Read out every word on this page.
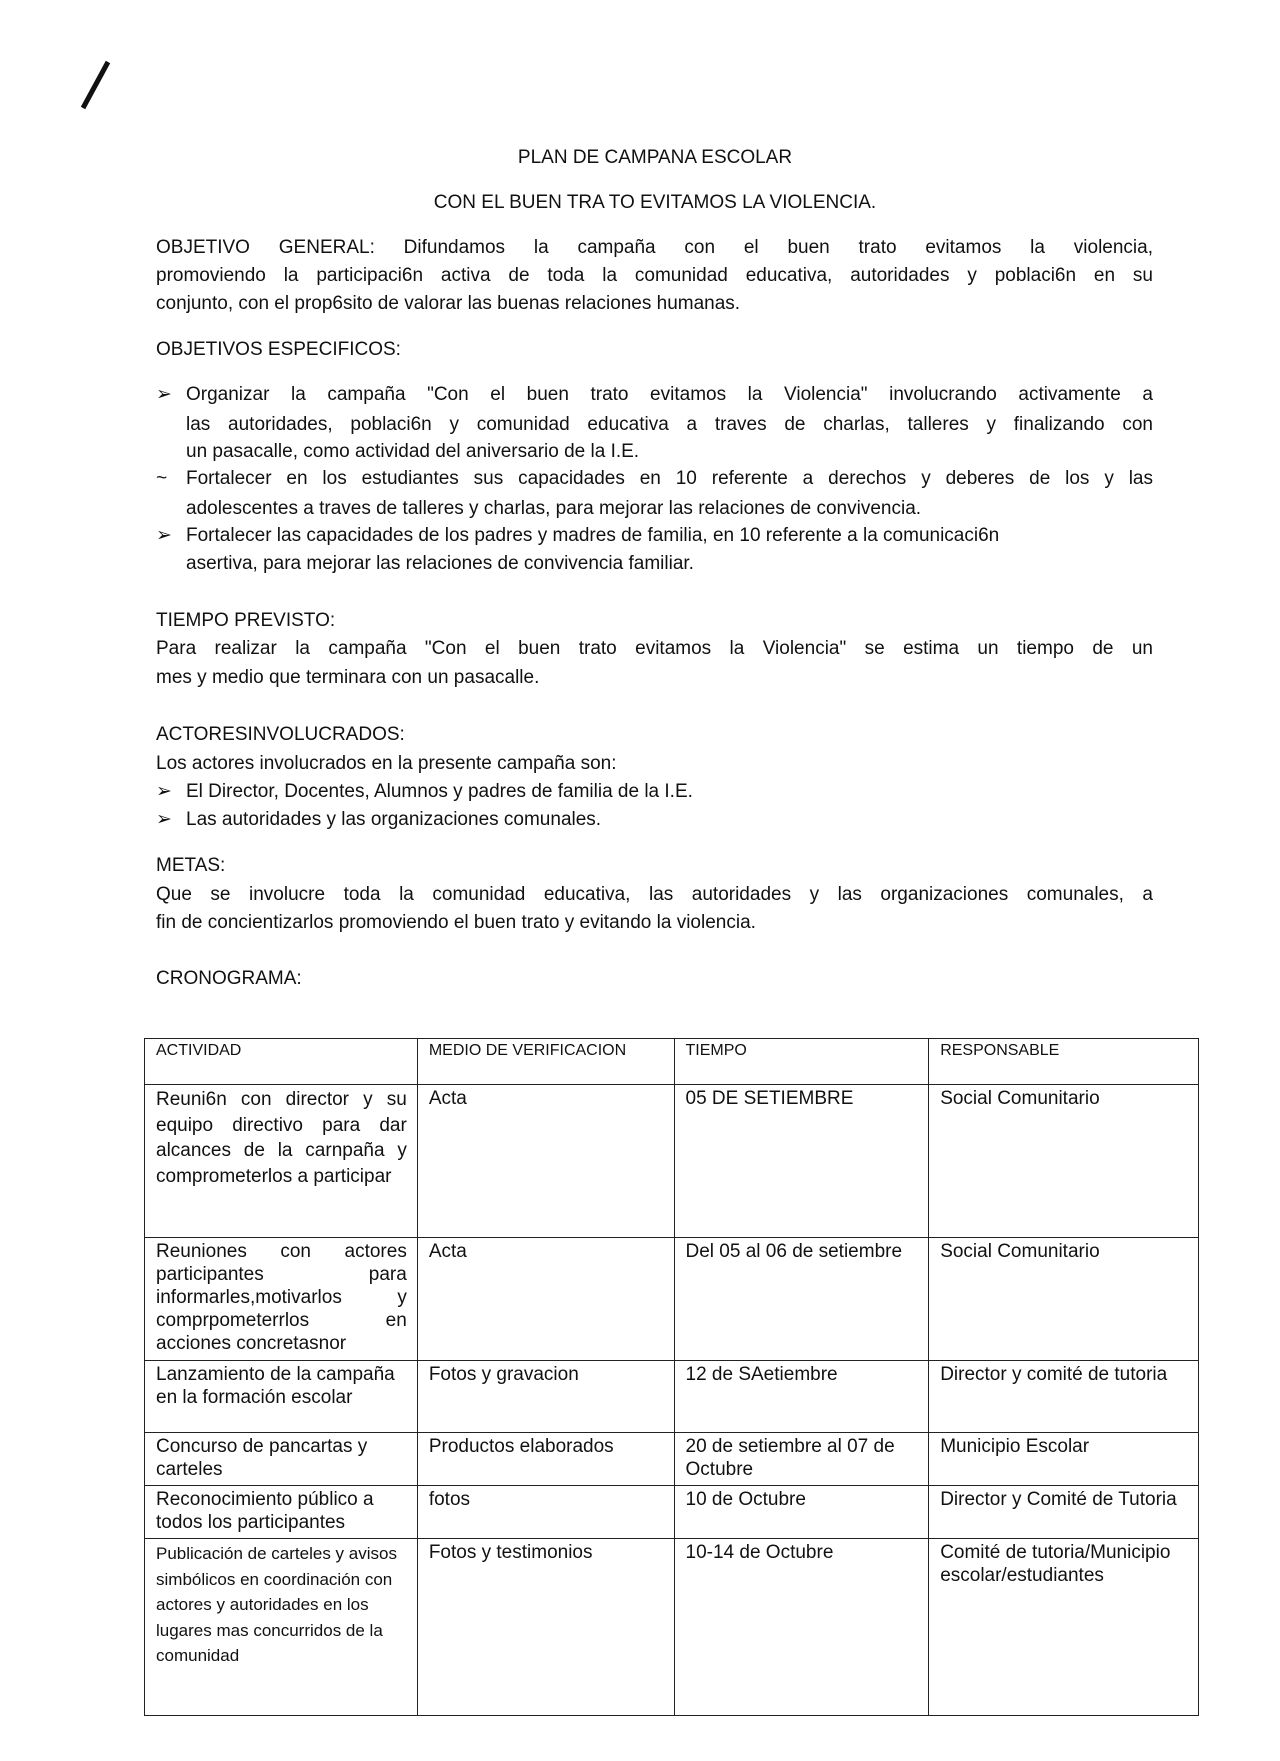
PLAN DE CAMPANA ESCOLAR
CON EL BUEN TRA TO EVITAMOS LA VIOLENCIA.
OBJETIVO GENERAL: Difundamos la campaña con el buen trato evitamos la violencia,
promoviendo la participaci6n activa de toda la comunidad educativa, autoridades y poblaci6n en su
conjunto, con el prop6sito de valorar las buenas relaciones humanas.
OBJETIVOS ESPECIFICOS:
➢ Organizar la campaña "Con el buen trato evitamos la Violencia" involucrando activamente a
las autoridades, poblaci6n y comunidad educativa a traves de charlas, talleres y finalizando con
un pasacalle, como actividad del aniversario de la I.E.
~ Fortalecer en los estudiantes sus capacidades en 10 referente a derechos y deberes de los y las
adolescentes a traves de talleres y charlas, para mejorar las relaciones de convivencia.
➢ Fortalecer las capacidades de los padres y madres de familia, en 10 referente a la comunicaci6n
asertiva, para mejorar las relaciones de convivencia familiar.
TIEMPO PREVISTO:
Para realizar la campaña "Con el buen trato evitamos la Violencia" se estima un tiempo de un
mes y medio que terminara con un pasacalle.
ACTORESINVOLUCRADOS:
Los actores involucrados en la presente campaña son:
➢ El Director, Docentes, Alumnos y padres de familia de la I.E.
➢ Las autoridades y las organizaciones comunales.
METAS:
Que se involucre toda la comunidad educativa, las autoridades y las organizaciones comunales, a
fin de concientizarlos promoviendo el buen trato y evitando la violencia.
CRONOGRAMA:
ACTIVIDAD	MEDIO DE VERIFICACION	TIEMPO	RESPONSABLE
Reuni6n con director y su equipo directivo para dar alcances de la carnpaña y comprometerlos a participar	Acta	05 DE SETIEMBRE	Social Comunitario
Reuniones con actores participantes para informarles,motivarlos y comprpometerrlos en acciones concretasnor	Acta	Del 05 al 06 de setiembre	Social Comunitario
Lanzamiento de la campaña en la formación escolar	Fotos y gravacion	12 de SAetiembre	Director y comité de tutoria
Concurso de pancartas y carteles	Productos elaborados	20 de setiembre al 07 de Octubre	Municipio Escolar
Reconocimiento público a todos los participantes	fotos	10 de Octubre	Director y Comité de Tutoria
Publicación de carteles y avisos simbólicos en coordinación con actores y autoridades en los lugares mas concurridos de la comunidad	Fotos y testimonios	10-14 de Octubre	Comité de tutoria/Municipio escolar/estudiantes
